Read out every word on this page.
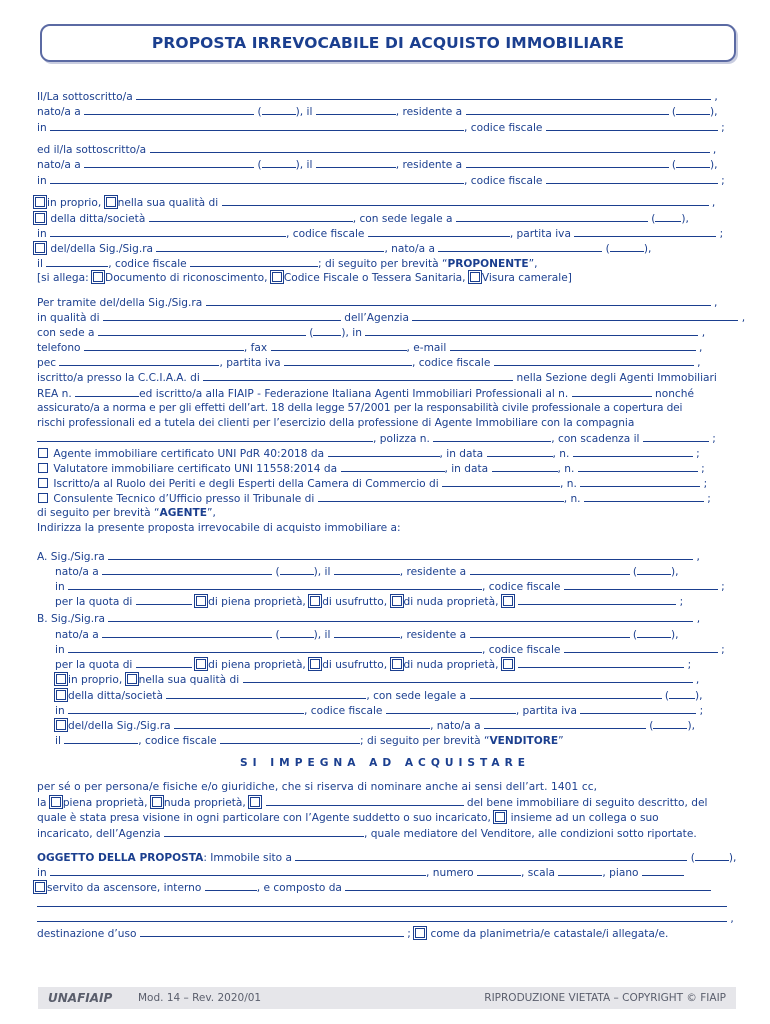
PROPOSTA IRREVOCABILE DI ACQUISTO IMMOBILIARE
Il/La sottoscritto/a	,
nato/a a	(	), il	, residente a	(	),
in	, codice fiscale	;
ed il/la sottoscritto/a	,
nato/a a	(	), il	, residente a	(	),
in	, codice fiscale	;
in proprio, nella sua qualità di	,
della ditta/società	, con sede legale a	( ),
in	, codice fiscale	, partita iva	;
del/della Sig./Sig.ra	, nato/a a	(	),
il	, codice fiscale	; di seguito per brevità “PROPONENTE”,
[si allega: Documento di riconoscimento, Codice Fiscale o Tessera Sanitaria, Visura camerale]
Per tramite del/della Sig./Sig.ra	,
in qualità di	dell’Agenzia	,
con sede a	(	), in	,
telefono	, fax	, e-mail	,
pec	, partita iva	, codice fiscale	,
iscritto/a presso la C.C.I.A.A. di	nella Sezione degli Agenti Immobiliari
REA n.	ed iscritto/a alla FIAIP - Federazione Italiana Agenti Immobiliari Professionali al n.	nonché
assicurato/a a norma e per gli effetti dell’art. 18 della legge 57/2001 per la responsabilità civile professionale a copertura dei
rischi professionali ed a tutela dei clienti per l’esercizio della professione di Agente Immobiliare con la compagnia
, polizza n.	, con scadenza il	;
Agente immobiliare certificato UNI PdR 40:2018 da	, in data	, n.	;
Valutatore immobiliare certificato UNI 11558:2014 da	, in data	, n.	;
Iscritto/a al Ruolo dei Periti e degli Esperti della Camera di Commercio di	, n.	;
Consulente Tecnico d’Ufficio presso il Tribunale di	, n.	;
di seguito per brevità “AGENTE”,
Indirizza la presente proposta irrevocabile di acquisto immobiliare a:
A. Sig./Sig.ra	,
nato/a a	(	), il	, residente a	(	),
in	, codice fiscale	;
per la quota di	di piena proprietà, di usufrutto, di nuda proprietà,	;
B. Sig./Sig.ra	,
nato/a a	(	), il	, residente a	(	),
in	, codice fiscale	;
per la quota di	di piena proprietà, di usufrutto, di nuda proprietà,	;
in proprio, nella sua qualità di	,
della ditta/società	, con sede legale a	( ),
in	, codice fiscale	, partita iva	;
del/della Sig./Sig.ra	, nato/a a	(	),
il	, codice fiscale	; di seguito per brevità “VENDITORE”
SI IMPEGNA AD ACQUISTARE
per sé o per persona/e fisiche e/o giuridiche, che si riserva di nominare anche ai sensi dell’art. 1401 cc,
la piena proprietà, nuda proprietà,	del bene immobiliare di seguito descritto, del
quale è stata presa visione in ogni particolare con l’Agente suddetto o suo incaricato, insieme ad un collega o suo
incaricato, dell’Agenzia	, quale mediatore del Venditore, alle condizioni sotto riportate.
OGGETTO DELLA PROPOSTA: Immobile sito a	(	),
in	, numero	, scala	, piano
servito da ascensore, interno	, e composto da
,
destinazione d’uso	;  come da planimetria/e catastale/i allegata/e.
UNAFIAIP Mod. 14 – Rev. 2020/01	RIPRODUZIONE VIETATA – COPYRIGHT © FIAIP
